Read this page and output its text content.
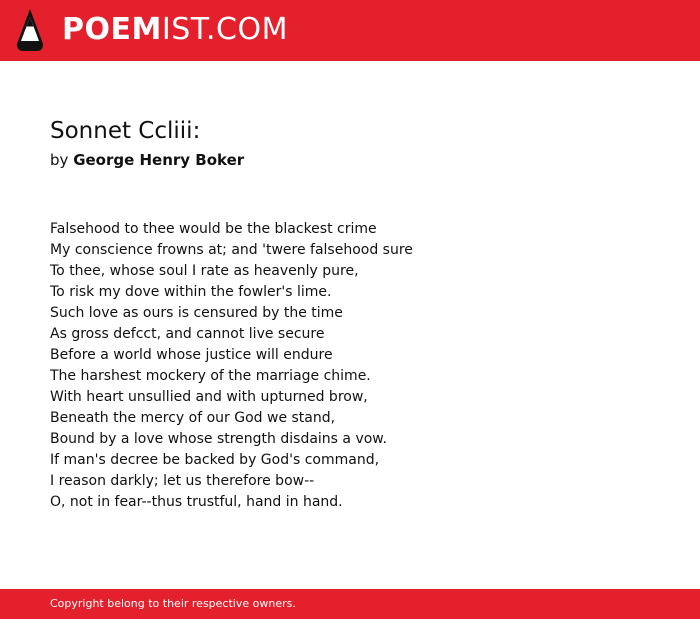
POEMIST.COM
Sonnet Ccliii:
by George Henry Boker
Falsehood to thee would be the blackest crime
My conscience frowns at; and 'twere falsehood sure
To thee, whose soul I rate as heavenly pure,
To risk my dove within the fowler's lime.
Such love as ours is censured by the time
As gross defcct, and cannot live secure
Before a world whose justice will endure
The harshest mockery of the marriage chime.
With heart unsullied and with upturned brow,
Beneath the mercy of our God we stand,
Bound by a love whose strength disdains a vow.
If man's decree be backed by God's command,
I reason darkly; let us therefore bow--
O, not in fear--thus trustful, hand in hand.
Copyright belong to their respective owners.
